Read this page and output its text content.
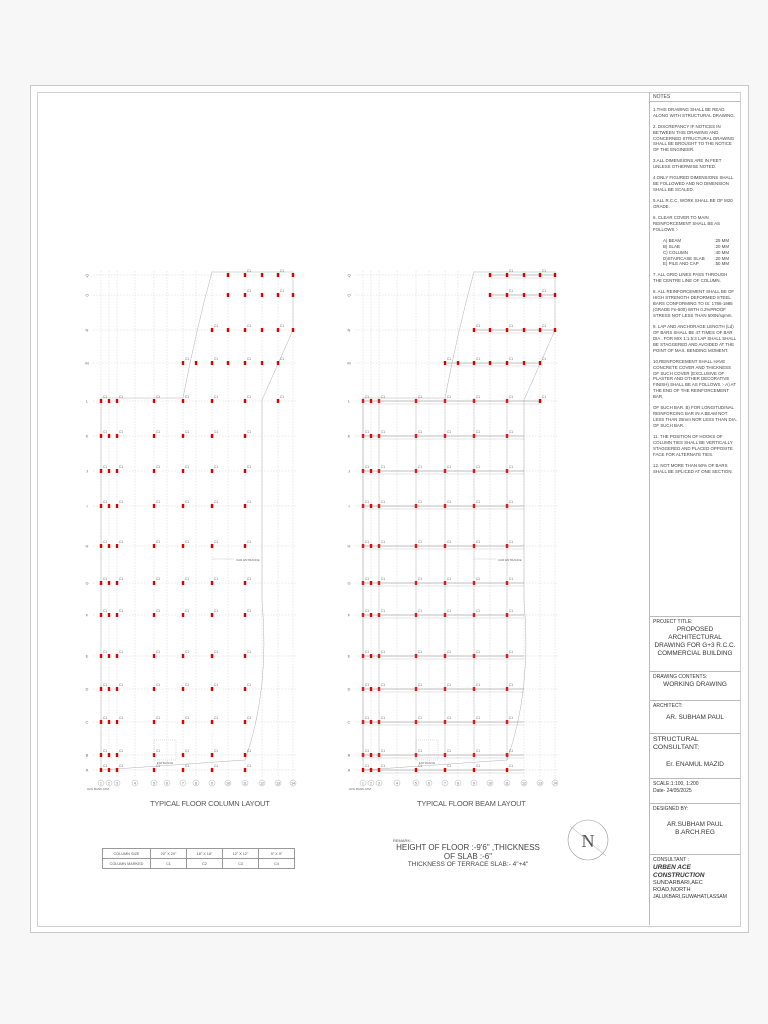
Q
O
N
M
L
K
J
I
H
G
F
E
D
C
B
A
1 2 3	4	5	6	7	8	9	10	11	12	13	14
C1	C1
C1	C1
C1	C1	C1
C1	C1	C1	C1
C1	C1	C1	C1	C1	C1	C1
C1	C1	C1	C1	C1	C1
C1	C1	C1	C1	C1	C1
C1	C1	C1	C1	C1	C1
C1	C1	C1	C1	C1	C1
C1	C1	C1	C1	C1	C1
C1	C1	C1	C1	C1	C1
C1	C1	C1	C1	C1	C1
C1	C1	C1	C1	C1	C1
C1	C1	C1	C1	C1	C1
C1	C1	C1	C1	C1	C1
C1	C1	C1	C1	C1	C1
ENTRANCE
CAR ENTRANCE
AVG BANK ATM
Q
O
N
M
L
K
J
I
H
G
F
E
D
C
B
A
1 2 3	4	5	6	7	8	9	10	11	12	13	14
C1	C1
C1	C1
C1	C1	C1
C1	C1	C1	C1
C1	C1	C1	C1	C1	C1	C1
C1	C1	C1	C1	C1	C1
C1	C1	C1	C1	C1	C1
C1	C1	C1	C1	C1	C1
C1	C1	C1	C1	C1	C1
C1	C1	C1	C1	C1	C1
C1	C1	C1	C1	C1	C1
C1	C1	C1	C1	C1	C1
C1	C1	C1	C1	C1	C1
C1	C1	C1	C1	C1	C1
C1	C1	C1	C1	C1	C1
C1	C1	C1	C1	C1	C1
ENTRANCE
CAR ENTRANCE
AVG BANK ATM
TYPICAL FLOOR COLUMN LAYOUT	TYPICAL FLOOR BEAM LAYOUT
COLUMN SIZE	20" X 20"	18" X 18"	12" X 12"	9" X 9"
COLUMN MARKED	C1	C2	C3	C4
REMARK:-
HEIGHT OF FLOOR :-9'6" ,THICKNESS OF SLAB :-6"
THICKNESS OF TERRACE SLAB:- 4"+4"
N
NOTES

1.THIS DRAWING SHALL BE READ ALONG WITH STRUCTURAL DRAWING.

2. DISCREPANCY IF NOTICES IN BETWEEN THIS DRAWING AND CONCERNED STRUCTURAL DRAWING SHALL BE BROUGHT TO THE NOTICE OF THE ENGINEER.

3.ALL DIMENSIONS ARE IN FEET UNLESS OTHERWISE NOTED.

4.ONLY FIGURED DIMENSIONS SHALL BE FOLLOWED AND NO DIMENSION SHALL BE SCALED.

5.ALL R.C.C. WORK SHALL BE OF M20 GRADE.

6. CLEAR COVER TO MAIN REINFORCEMENT SHALL BE AS FOLLOWS :-

A) BEAM	:25 MM
B) SLAB	:20 MM
C) COLUMN	:40 MM
D)STAIRCASE SLAB :20 MM
E) PILE AND CAP	:50 MM

7. ALL GRID LINES PASS THROUGH THE CENTRE LINE OF COLUMN.

8. ALL REINFORCEMENT SHALL BE OF HIGH STRENGTH DEFORMED STEEL BARS CONFORMING TO IS: 1786-1985 (GRADE Fe-500) WITH 0.2%PROOF STRESS NOT LESS THAN 500N/sqmm.

9. LAP AND ANCHORAGE LENGTH (Ld) OF BARS SHALL BE 47 TIMES OF BAR DIA . FOR MIX 1:1.5:3 LAP SHALL SHALL BE STAGGERED AND AVOIDED AT THE POINT OF MAX. BENDING MOMENT.

10.REINFORCEMENT SHALL HAVE CONCRETE COVER AND THICKNESS OF SUCH COVER (EXCLUSIVE OF PLASTER AND OTHER DECORATIVE FINISH) SHALL BE AS FOLLOWS :- A) AT THE END OF THE REINFORCEMENT BAR,

OF SUCH BAR. B) FOR LONGITUDINAL REINFORCING BAR IN A BEAM NOT LESS THAN 25mm NOR LESS THAN DIA. OF SUCH BAR.

11. THE POSITION OF HOOKS OF COLUMN TIES SHALL BE VERTICALLY STAGGERED AND PLACED OPPOSITE FACE FOR ALTERNATE TIES.

12. NOT MORE THAN 50% OF BARS SHALL BE SPLICED AT ONE SECTION.

PROJECT TITLE:
PROPOSED ARCHITECTURAL DRAWING FOR G+3 R.C.C. COMMERCIAL BUILDING
DRAWING CONTENTS:
WORKING DRAWING
ARCHITECT:
AR. SUBHAM PAUL
STRUCTURAL CONSULTANT:
Er. ENAMUL MAZID
SCALE:1:100, 1:200
Date- 24/05/2025
DESIGNED BY:
AR.SUBHAM PAUL
B.ARCH.REG
CONSULTANT :
URBEN ACE CONSTRUCTION
SUNDARBARI,AEC ROAD,NORTH
JALUKBARI,GUWAHATI,ASSAM
